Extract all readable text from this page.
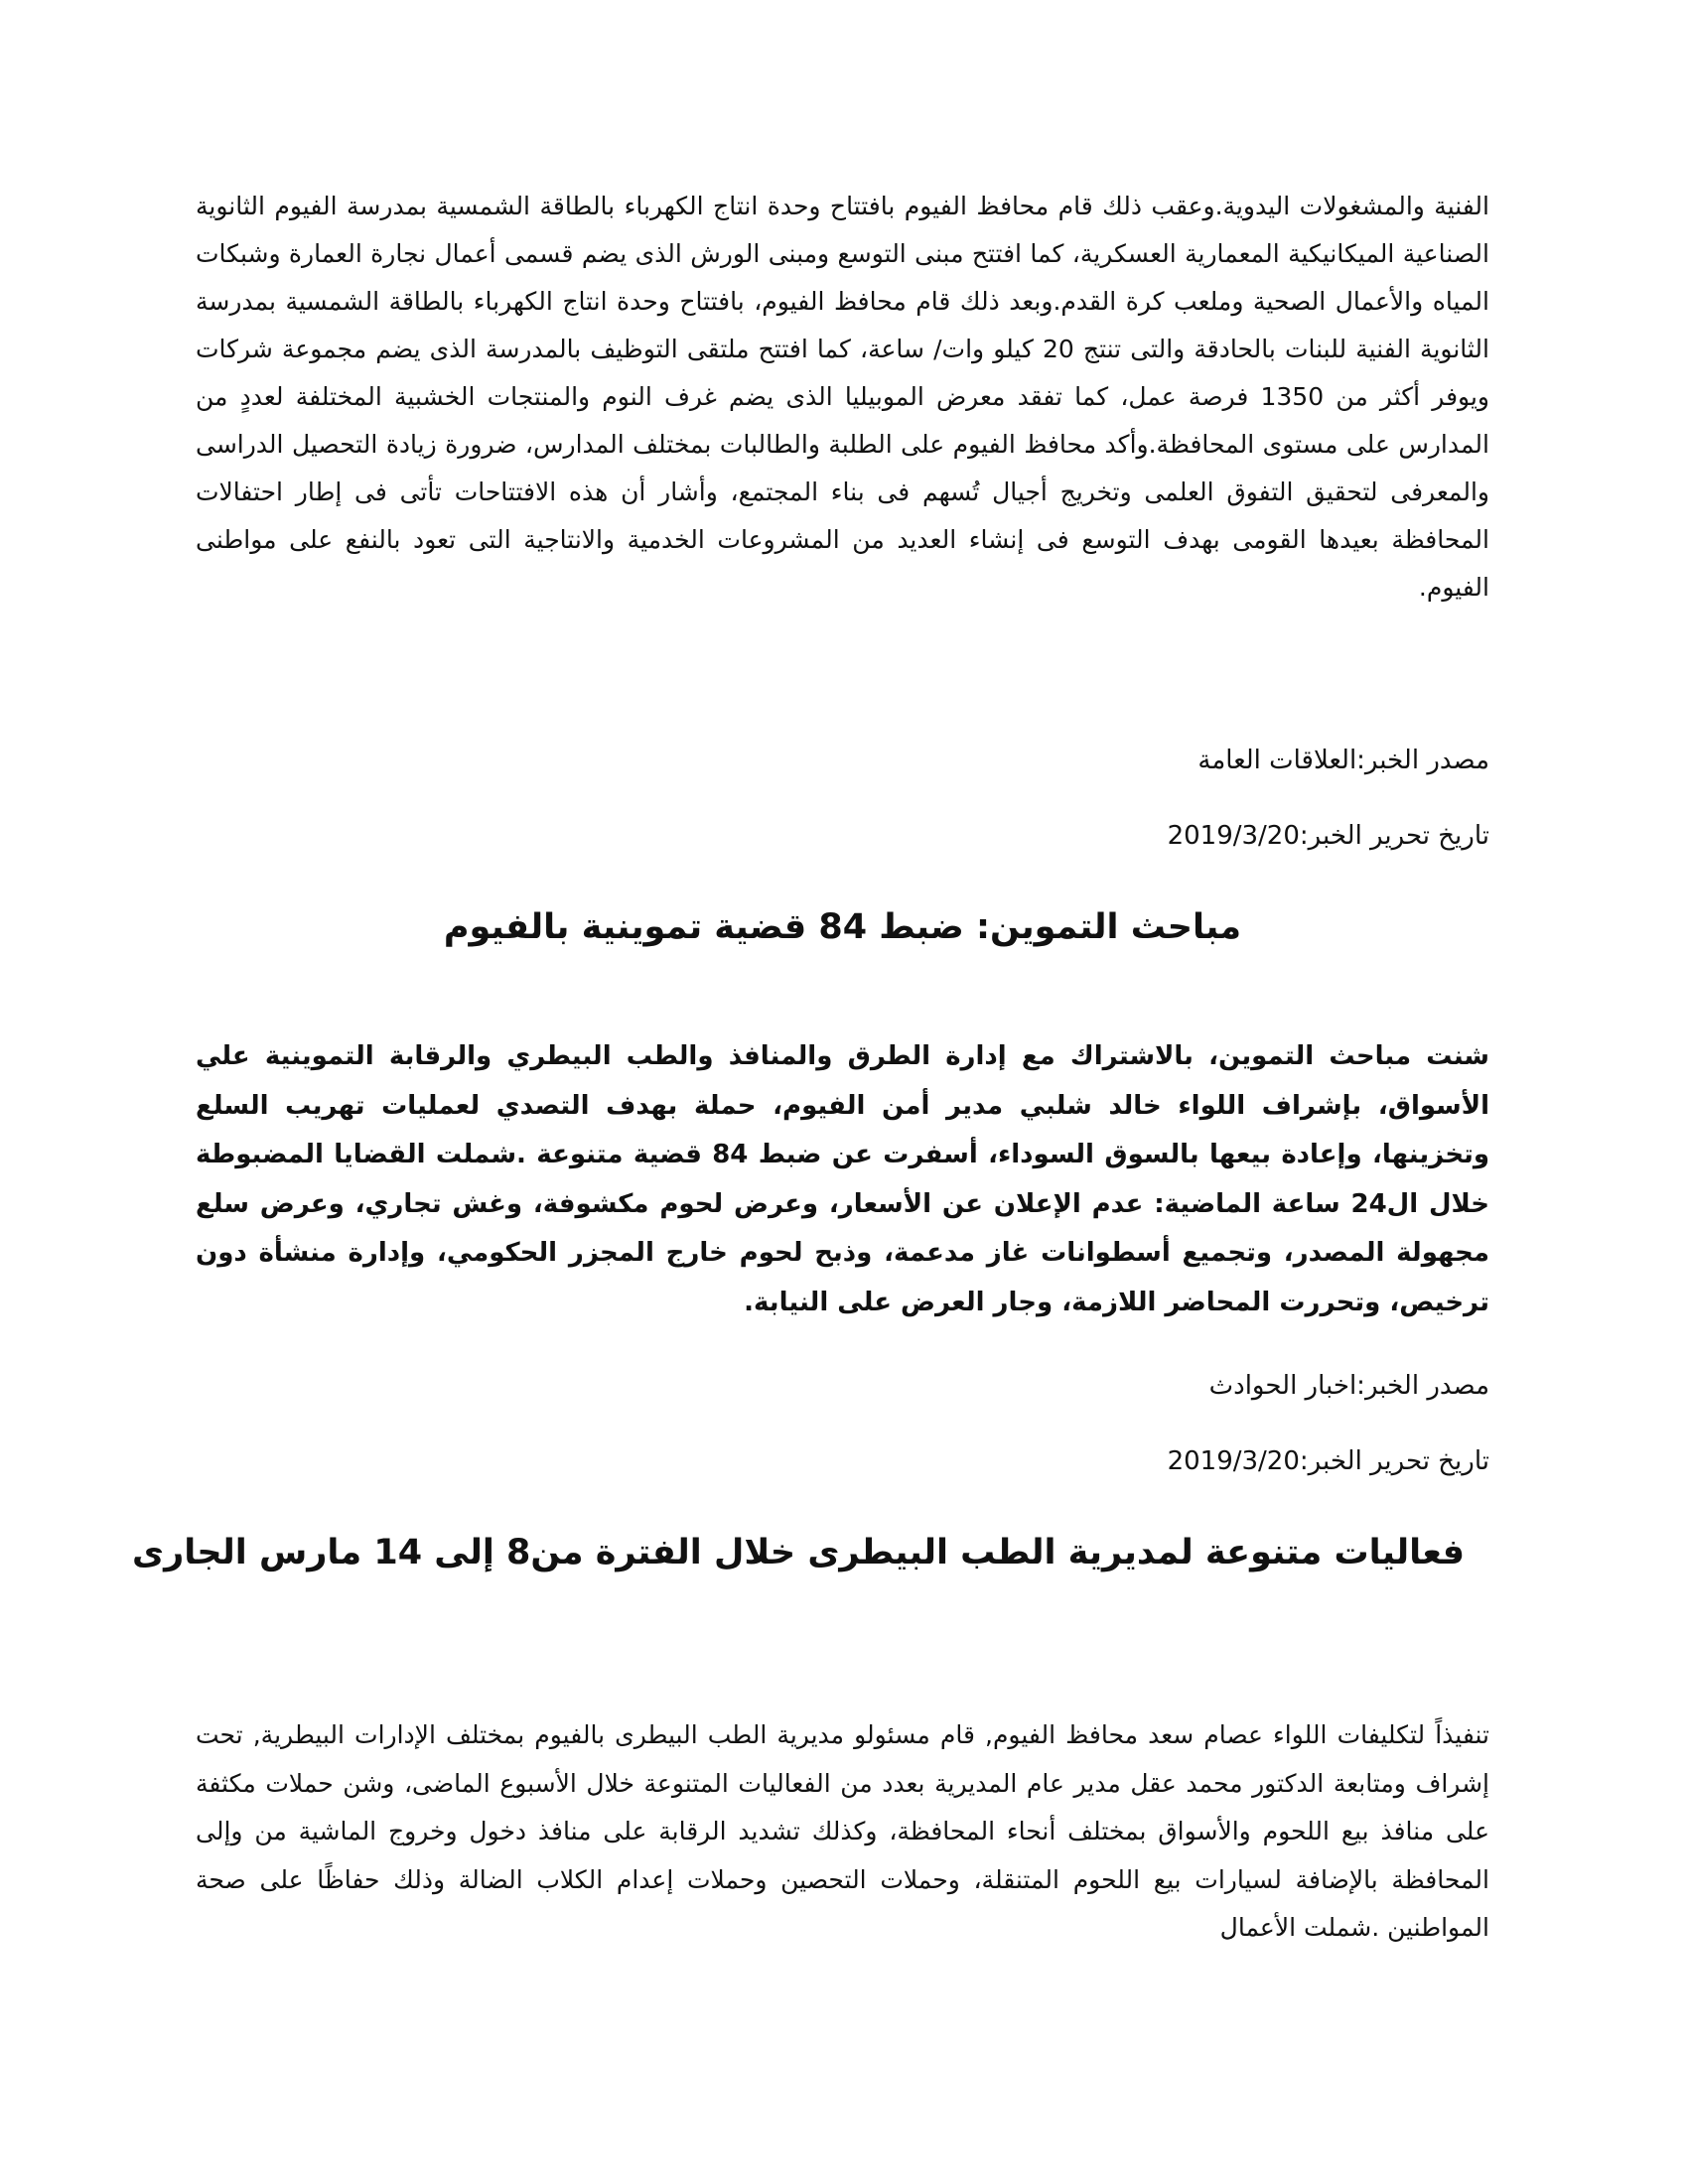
الفنية والمشغولات اليدوية.وعقب ذلك قام محافظ الفيوم بافتتاح وحدة انتاج الكهرباء بالطاقة الشمسية بمدرسة الفيوم الثانوية الصناعية الميكانيكية المعمارية العسكرية، كما افتتح مبنى التوسع ومبنى الورش الذى يضم قسمى أعمال نجارة العمارة وشبكات المياه والأعمال الصحية وملعب كرة القدم.وبعد ذلك قام محافظ الفيوم، بافتتاح وحدة انتاج الكهرباء بالطاقة الشمسية بمدرسة الثانوية الفنية للبنات بالحادقة والتى تنتج 20 كيلو وات/ ساعة، كما افتتح ملتقى التوظيف بالمدرسة الذى يضم مجموعة شركات ويوفر أكثر من 1350 فرصة عمل، كما تفقد معرض الموبيليا الذى يضم غرف النوم والمنتجات الخشبية المختلفة لعددٍ من المدارس على مستوى المحافظة.وأكد محافظ الفيوم على الطلبة والطالبات بمختلف المدارس، ضرورة زيادة التحصيل الدراسى والمعرفى لتحقيق التفوق العلمى وتخريج أجيال تُسهم فى بناء المجتمع، وأشار أن هذه الافتتاحات تأتى فى إطار احتفالات المحافظة بعيدها القومى بهدف التوسع فى إنشاء العديد من المشروعات الخدمية والانتاجية التى تعود بالنفع على مواطنى الفيوم.

مصدر الخبر:العلاقات العامة

تاريخ تحرير الخبر:2019/3/20

مباحث التموين: ضبط 84 قضية تموينية بالفيوم

شنت مباحث التموين، بالاشتراك مع إدارة الطرق والمنافذ والطب البيطري والرقابة التموينية علي الأسواق، بإشراف اللواء خالد شلبي مدير أمن الفيوم، حملة بهدف التصدي لعمليات تهريب السلع وتخزينها، وإعادة بيعها بالسوق السوداء، أسفرت عن ضبط 84 قضية متنوعة .شملت القضايا المضبوطة خلال ال24 ساعة الماضية: عدم الإعلان عن الأسعار، وعرض لحوم مكشوفة، وغش تجاري، وعرض سلع مجهولة المصدر، وتجميع أسطوانات غاز مدعمة، وذبح لحوم خارج المجزر الحكومي، وإدارة منشأة دون ترخيص، وتحررت المحاضر اللازمة، وجار العرض على النيابة.

مصدر الخبر:اخبار الحوادث

تاريخ تحرير الخبر:2019/3/20

فعاليات متنوعة لمديرية الطب البيطرى خلال الفترة من8 إلى 14 مارس الجارى

تنفيذاً لتكليفات اللواء عصام سعد محافظ الفيوم, قام مسئولو مديرية الطب البيطرى بالفيوم بمختلف الإدارات البيطرية, تحت إشراف ومتابعة الدكتور محمد عقل مدير عام المديرية بعدد من الفعاليات المتنوعة خلال الأسبوع الماضى، وشن حملات مكثفة على منافذ بيع اللحوم والأسواق بمختلف أنحاء المحافظة، وكذلك تشديد الرقابة على منافذ دخول وخروج الماشية من وإلى المحافظة بالإضافة لسيارات بيع اللحوم المتنقلة، وحملات التحصين وحملات إعدام الكلاب الضالة وذلك حفاظًا على صحة المواطنين .شملت الأعمال
